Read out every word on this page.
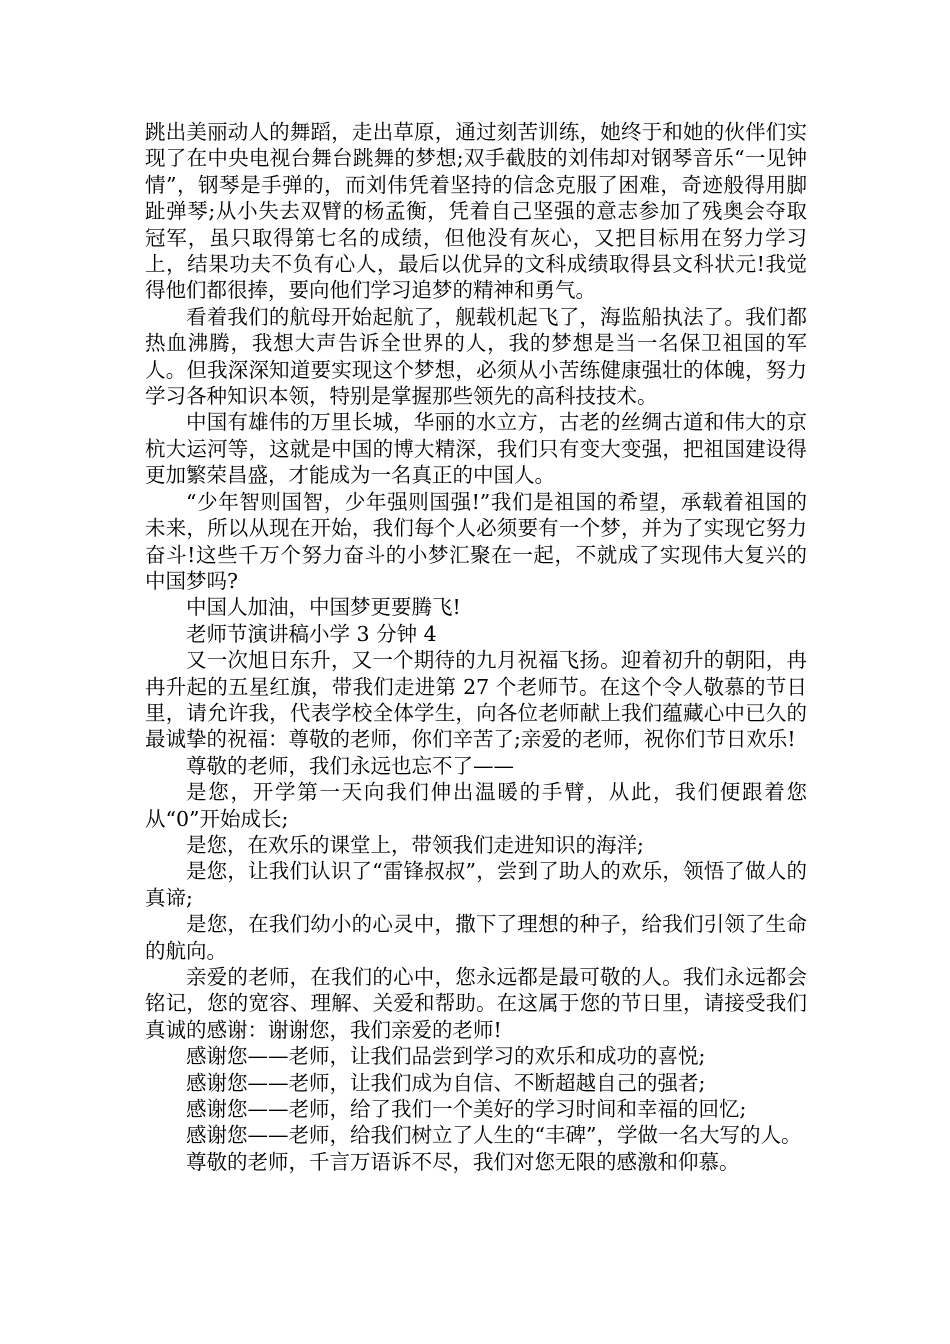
跳出美丽动人的舞蹈，走出草原，通过刻苦训练，她终于和她的伙伴们实现了在中央电视台舞台跳舞的梦想;双手截肢的刘伟却对钢琴音乐“一见钟情”，钢琴是手弹的，而刘伟凭着坚持的信念克服了困难，奇迹般得用脚趾弹琴;从小失去双臂的杨孟衡，凭着自己坚强的意志参加了残奥会夺取冠军，虽只取得第七名的成绩，但他没有灰心，又把目标用在努力学习上，结果功夫不负有心人，最后以优异的文科成绩取得县文科状元!我觉得他们都很捧，要向他们学习追梦的精神和勇气。

看着我们的航母开始起航了，舰载机起飞了，海监船执法了。我们都热血沸腾，我想大声告诉全世界的人，我的梦想是当一名保卫祖国的军人。但我深深知道要实现这个梦想，必须从小苦练健康强壮的体魄，努力学习各种知识本领，特别是掌握那些领先的高科技技术。

中国有雄伟的万里长城，华丽的水立方，古老的丝绸古道和伟大的京杭大运河等，这就是中国的博大精深，我们只有变大变强，把祖国建设得更加繁荣昌盛，才能成为一名真正的中国人。

“少年智则国智，少年强则国强!”我们是祖国的希望，承载着祖国的未来，所以从现在开始，我们每个人必须要有一个梦，并为了实现它努力奋斗!这些千万个努力奋斗的小梦汇聚在一起，不就成了实现伟大复兴的中国梦吗?

中国人加油，中国梦更要腾飞!

老师节演讲稿小学 3 分钟 4

又一次旭日东升，又一个期待的九月祝福飞扬。迎着初升的朝阳，冉冉升起的五星红旗，带我们走进第 27 个老师节。在这个令人敬慕的节日里，请允许我，代表学校全体学生，向各位老师献上我们蕴藏心中已久的最诚挚的祝福：尊敬的老师，你们辛苦了;亲爱的老师，祝你们节日欢乐!

尊敬的老师，我们永远也忘不了——

是您，开学第一天向我们伸出温暖的手臂，从此，我们便跟着您从“0”开始成长;

是您，在欢乐的课堂上，带领我们走进知识的海洋;

是您，让我们认识了“雷锋叔叔”，尝到了助人的欢乐，领悟了做人的真谛;

是您，在我们幼小的心灵中，撒下了理想的种子，给我们引领了生命的航向。

亲爱的老师，在我们的心中，您永远都是最可敬的人。我们永远都会铭记，您的宽容、理解、关爱和帮助。在这属于您的节日里，请接受我们真诚的感谢：谢谢您，我们亲爱的老师!

感谢您——老师，让我们品尝到学习的欢乐和成功的喜悦;

感谢您——老师，让我们成为自信、不断超越自己的强者;

感谢您——老师，给了我们一个美好的学习时间和幸福的回忆;

感谢您——老师，给我们树立了人生的“丰碑”，学做一名大写的人。

尊敬的老师，千言万语诉不尽，我们对您无限的感激和仰慕。
